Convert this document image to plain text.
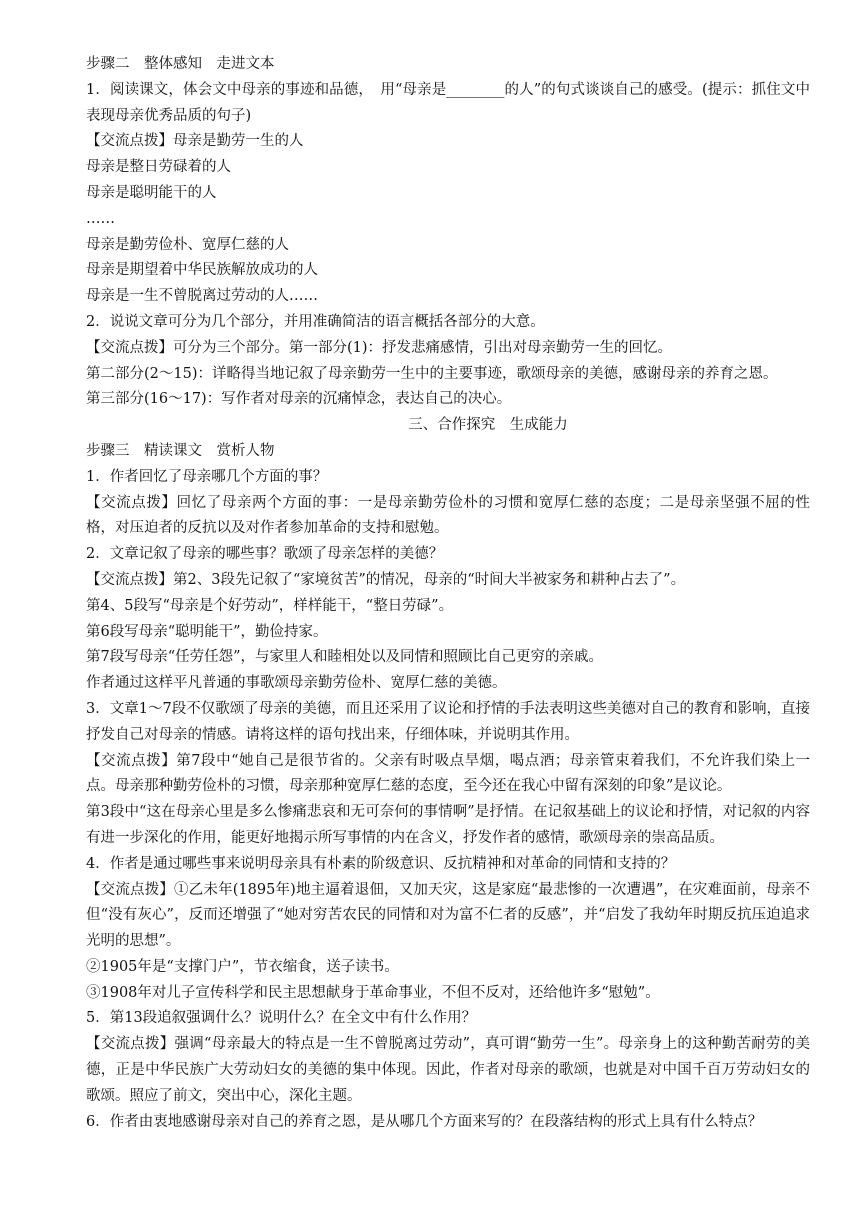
步骤二　整体感知　走进文本
1．阅读课文，体会文中母亲的事迹和品德， 用“母亲是________的人”的句式谈谈自己的感受。(提示：抓住文中表现母亲优秀品质的句子)
【交流点拨】母亲是勤劳一生的人
母亲是整日劳碌着的人
母亲是聪明能干的人
……
母亲是勤劳俭朴、宽厚仁慈的人
母亲是期望着中华民族解放成功的人
母亲是一生不曾脱离过劳动的人……
2．说说文章可分为几个部分，并用准确简洁的语言概括各部分的大意。
【交流点拨】可分为三个部分。第一部分(1)：抒发悲痛感情，引出对母亲勤劳一生的回忆。
第二部分(2～15)：详略得当地记叙了母亲勤劳一生中的主要事迹，歌颂母亲的美德，感谢母亲的养育之恩。
第三部分(16～17)：写作者对母亲的沉痛悼念，表达自己的决心。
三、合作探究　生成能力
步骤三　精读课文　赏析人物
1．作者回忆了母亲哪几个方面的事？
【交流点拨】回忆了母亲两个方面的事：一是母亲勤劳俭朴的习惯和宽厚仁慈的态度；二是母亲坚强不屈的性格，对压迫者的反抗以及对作者参加革命的支持和慰勉。
2．文章记叙了母亲的哪些事？歌颂了母亲怎样的美德？
【交流点拨】第2、3段先记叙了“家境贫苦”的情况，母亲的“时间大半被家务和耕种占去了”。
第4、5段写“母亲是个好劳动”，样样能干，“整日劳碌”。
第6段写母亲“聪明能干”，勤俭持家。
第7段写母亲“任劳任怨”，与家里人和睦相处以及同情和照顾比自己更穷的亲戚。
作者通过这样平凡普通的事歌颂母亲勤劳俭朴、宽厚仁慈的美德。
3．文章1～7段不仅歌颂了母亲的美德，而且还采用了议论和抒情的手法表明这些美德对自己的教育和影响，直接抒发自己对母亲的情感。请将这样的语句找出来，仔细体味，并说明其作用。
【交流点拨】第7段中“她自己是很节省的。父亲有时吸点旱烟，喝点酒；母亲管束着我们，不允许我们染上一点。母亲那种勤劳俭朴的习惯，母亲那种宽厚仁慈的态度，至今还在我心中留有深刻的印象”是议论。
第3段中“这在母亲心里是多么惨痛悲哀和无可奈何的事情啊”是抒情。在记叙基础上的议论和抒情，对记叙的内容有进一步深化的作用，能更好地揭示所写事情的内在含义，抒发作者的感情，歌颂母亲的崇高品质。
4．作者是通过哪些事来说明母亲具有朴素的阶级意识、反抗精神和对革命的同情和支持的？
【交流点拨】①乙未年(1895年)地主逼着退佃，又加天灾，这是家庭“最悲惨的一次遭遇”，在灾难面前，母亲不但“没有灰心”，反而还增强了“她对穷苦农民的同情和对为富不仁者的反感”，并“启发了我幼年时期反抗压迫追求光明的思想”。
②1905年是“支撑门户”，节衣缩食，送子读书。
③1908年对儿子宣传科学和民主思想献身于革命事业，不但不反对，还给他许多“慰勉”。
5．第13段追叙强调什么？说明什么？在全文中有什么作用？
【交流点拨】强调“母亲最大的特点是一生不曾脱离过劳动”，真可谓“勤劳一生”。母亲身上的这种勤苦耐劳的美德，正是中华民族广大劳动妇女的美德的集中体现。因此，作者对母亲的歌颂，也就是对中国千百万劳动妇女的歌颂。照应了前文，突出中心，深化主题。
6．作者由衷地感谢母亲对自己的养育之恩，是从哪几个方面来写的？在段落结构的形式上具有什么特点？
